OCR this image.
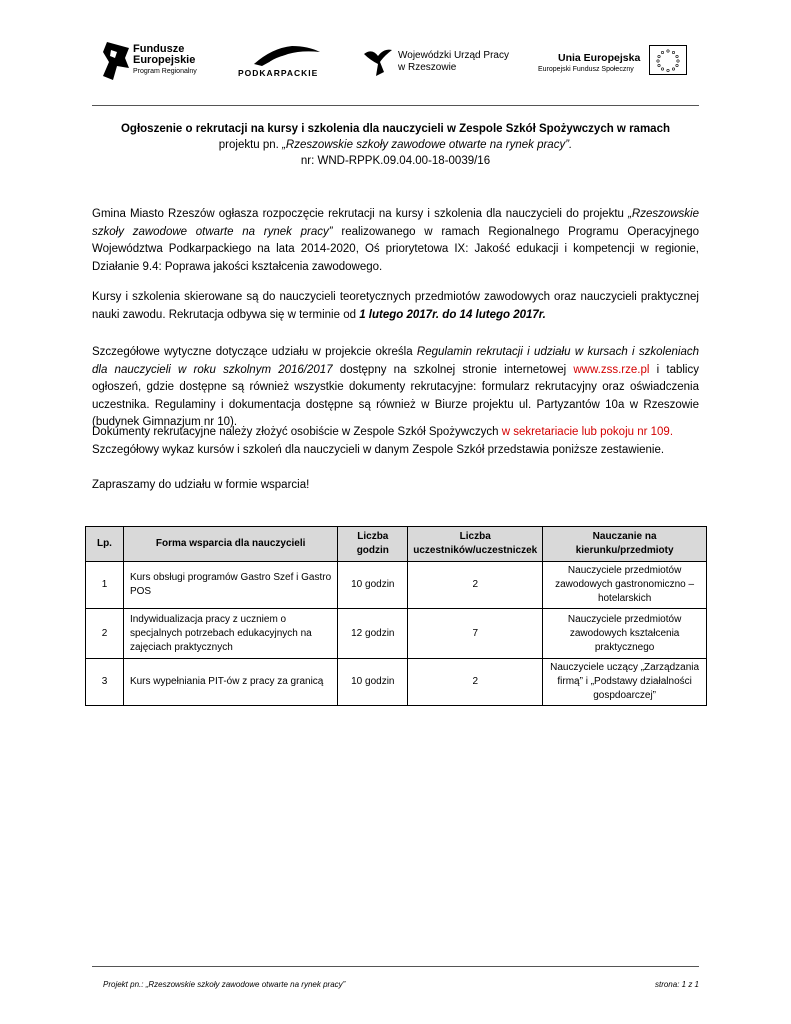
Fundusze
Europejskie
Program Regionalny	PODKARPACKIE
Wojewódzki Urząd Pracy
w Rzeszowie
Unia Europejska
Europejski Fundusz Społeczny
Ogłoszenie o rekrutacji na kursy i szkolenia dla nauczycieli w Zespole Szkół Spożywczych w ramach
projektu pn. „Rzeszowskie szkoły zawodowe otwarte na rynek pracy”.
nr: WND-RPPK.09.04.00-18-0039/16
Gmina Miasto Rzeszów ogłasza rozpoczęcie rekrutacji na kursy i szkolenia dla nauczycieli do projektu „Rzeszowskie szkoły zawodowe otwarte na rynek pracy” realizowanego w ramach Regionalnego Programu Operacyjnego Województwa Podkarpackiego na lata 2014-2020, Oś priorytetowa IX: Jakość edukacji i kompetencji w regionie, Działanie 9.4: Poprawa jakości kształcenia zawodowego.
Kursy i szkolenia skierowane są do nauczycieli teoretycznych przedmiotów zawodowych oraz nauczycieli praktycznej nauki zawodu. Rekrutacja odbywa się w terminie od 1 lutego 2017r. do 14 lutego 2017r.
Szczegółowe wytyczne dotyczące udziału w projekcie określa Regulamin rekrutacji i udziału w kursach i szkoleniach dla nauczycieli w roku szkolnym 2016/2017 dostępny na szkolnej stronie internetowej www.zss.rze.pl i tablicy ogłoszeń, gdzie dostępne są również wszystkie dokumenty rekrutacyjne: formularz rekrutacyjny oraz oświadczenia uczestnika. Regulaminy i dokumentacja dostępne są również w Biurze projektu ul. Partyzantów 10a w Rzeszowie (budynek Gimnazjum nr 10).
Dokumenty rekrutacyjne należy złożyć osobiście w Zespole Szkół Spożywczych w sekretariacie lub pokoju nr 109.
Szczegółowy wykaz kursów i szkoleń dla nauczycieli w danym Zespole Szkół przedstawia poniższe zestawienie.
Zapraszamy do udziału w formie wsparcia!
Lp.	Forma wsparcia dla nauczycieli	Liczba godzin	Liczba uczestników/uczestniczek	Nauczanie na kierunku/przedmioty
1	Kurs obsługi programów Gastro Szef i Gastro POS	10 godzin	2	Nauczyciele przedmiotów zawodowych gastronomiczno – hotelarskich
2	Indywidualizacja pracy z uczniem o specjalnych potrzebach edukacyjnych na zajęciach praktycznych	12 godzin	7	Nauczyciele przedmiotów zawodowych kształcenia praktycznego
3	Kurs wypełniania PIT-ów z pracy za granicą	10 godzin	2	Nauczyciele uczący „Zarządzania firmą” i „Podstawy działalności gospdoarczej”
Projekt pn.: „Rzeszowskie szkoły zawodowe otwarte na rynek pracy”	strona: 1 z 1
